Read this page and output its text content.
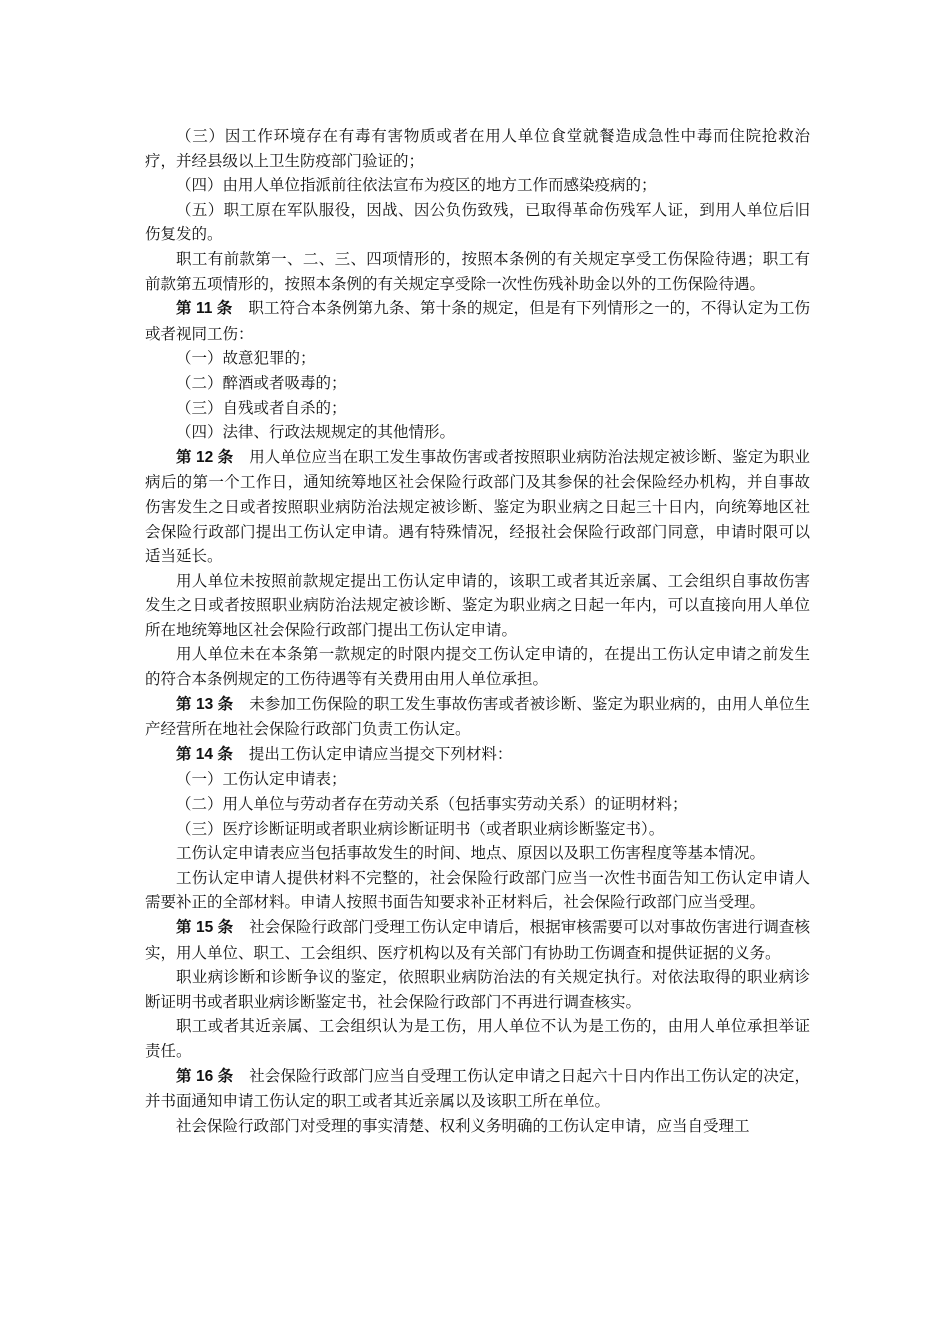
（三）因工作环境存在有毒有害物质或者在用人单位食堂就餐造成急性中毒而住院抢救治疗，并经县级以上卫生防疫部门验证的；

（四）由用人单位指派前往依法宣布为疫区的地方工作而感染疫病的；

（五）职工原在军队服役，因战、因公负伤致残，已取得革命伤残军人证，到用人单位后旧伤复发的。

职工有前款第一、二、三、四项情形的，按照本条例的有关规定享受工伤保险待遇；职工有前款第五项情形的，按照本条例的有关规定享受除一次性伤残补助金以外的工伤保险待遇。

第 11 条 职工符合本条例第九条、第十条的规定，但是有下列情形之一的，不得认定为工伤或者视同工伤：

（一）故意犯罪的；

（二）醉酒或者吸毒的；

（三）自残或者自杀的；

（四）法律、行政法规规定的其他情形。

第 12 条 用人单位应当在职工发生事故伤害或者按照职业病防治法规定被诊断、鉴定为职业病后的第一个工作日，通知统筹地区社会保险行政部门及其参保的社会保险经办机构，并自事故伤害发生之日或者按照职业病防治法规定被诊断、鉴定为职业病之日起三十日内，向统筹地区社会保险行政部门提出工伤认定申请。遇有特殊情况，经报社会保险行政部门同意，申请时限可以适当延长。

用人单位未按照前款规定提出工伤认定申请的，该职工或者其近亲属、工会组织自事故伤害发生之日或者按照职业病防治法规定被诊断、鉴定为职业病之日起一年内，可以直接向用人单位所在地统筹地区社会保险行政部门提出工伤认定申请。

用人单位未在本条第一款规定的时限内提交工伤认定申请的，在提出工伤认定申请之前发生的符合本条例规定的工伤待遇等有关费用由用人单位承担。

第 13 条 未参加工伤保险的职工发生事故伤害或者被诊断、鉴定为职业病的，由用人单位生产经营所在地社会保险行政部门负责工伤认定。

第 14 条 提出工伤认定申请应当提交下列材料：

（一）工伤认定申请表；

（二）用人单位与劳动者存在劳动关系（包括事实劳动关系）的证明材料；

（三）医疗诊断证明或者职业病诊断证明书（或者职业病诊断鉴定书）。

工伤认定申请表应当包括事故发生的时间、地点、原因以及职工伤害程度等基本情况。

工伤认定申请人提供材料不完整的，社会保险行政部门应当一次性书面告知工伤认定申请人需要补正的全部材料。申请人按照书面告知要求补正材料后，社会保险行政部门应当受理。

第 15 条 社会保险行政部门受理工伤认定申请后，根据审核需要可以对事故伤害进行调查核实，用人单位、职工、工会组织、医疗机构以及有关部门有协助工伤调查和提供证据的义务。

职业病诊断和诊断争议的鉴定，依照职业病防治法的有关规定执行。对依法取得的职业病诊断证明书或者职业病诊断鉴定书，社会保险行政部门不再进行调查核实。

职工或者其近亲属、工会组织认为是工伤，用人单位不认为是工伤的，由用人单位承担举证责任。

第 16 条 社会保险行政部门应当自受理工伤认定申请之日起六十日内作出工伤认定的决定，并书面通知申请工伤认定的职工或者其近亲属以及该职工所在单位。

社会保险行政部门对受理的事实清楚、权利义务明确的工伤认定申请，应当自受理工
